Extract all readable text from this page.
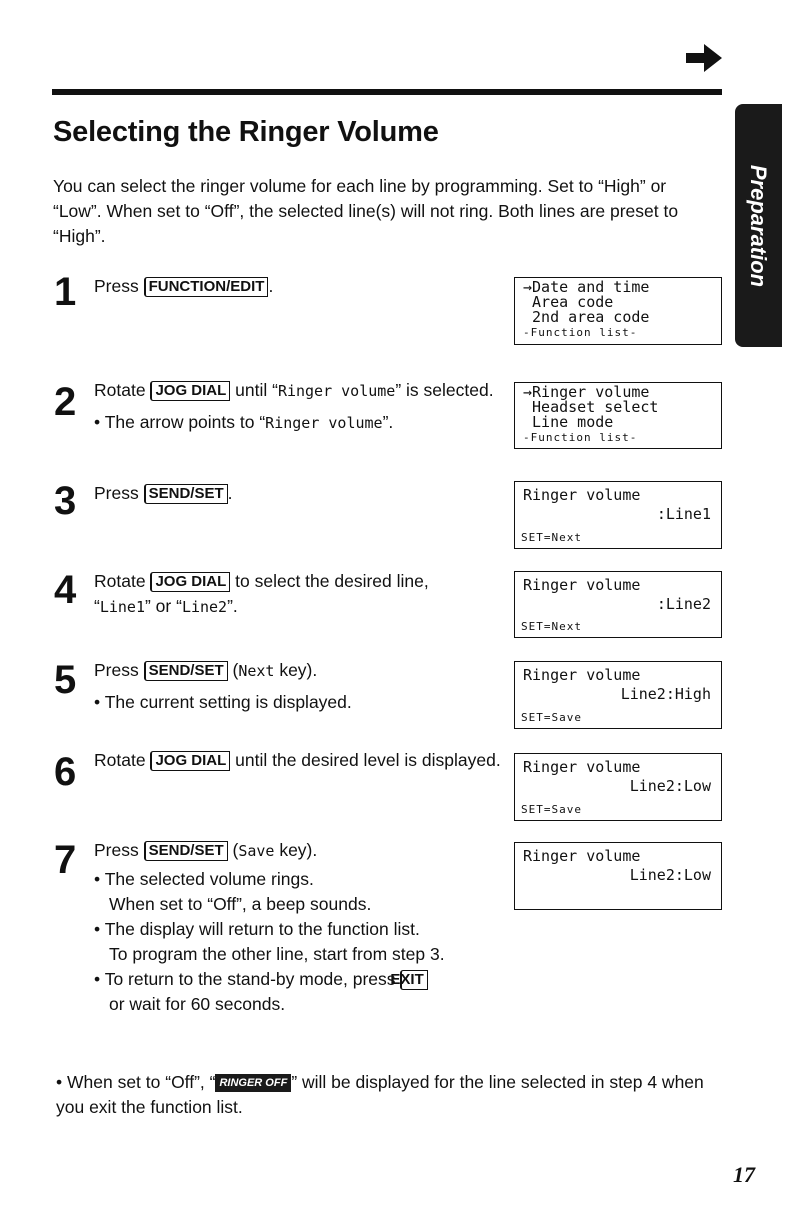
Preparation
Selecting the Ringer Volume

You can select the ringer volume for each line by programming. Set to “High” or “Low”. When set to “Off”, the selected line(s) will not ring. Both lines are preset to “High”.

1 Press FUNCTION/EDIT .

2 Rotate JOG DIAL until “Ringer volume” is selected.

• The arrow points to “Ringer volume”.

3 Press SEND/SET .

4 Rotate JOG DIAL to select the desired line,

“Line1” or “Line2”.

5 Press SEND/SET (Next key).

• The current setting is displayed.

6 Rotate JOG DIAL until the desired level is displayed.

7 Press SEND/SET (Save key).

• The selected volume rings.

When set to “Off”, a beep sounds.

• The display will return to the function list.

To program the other line, start from step 3.

• To return to the stand-by mode, press EXIT

or wait for 60 seconds.

→Date and time
Area code
2nd area code
-Function list-
→Ringer volume
Headset select
Line mode
-Function list-
Ringer volume
:Line1
SET=Next
Ringer volume
:Line2
SET=Next
Ringer volume
Line2:High
SET=Save
Ringer volume
Line2:Low
SET=Save
Ringer volume
Line2:Low
• When set to “Off”, “ RINGER OFF ” will be displayed for the line selected in step 4 when you exit the function list.
17
